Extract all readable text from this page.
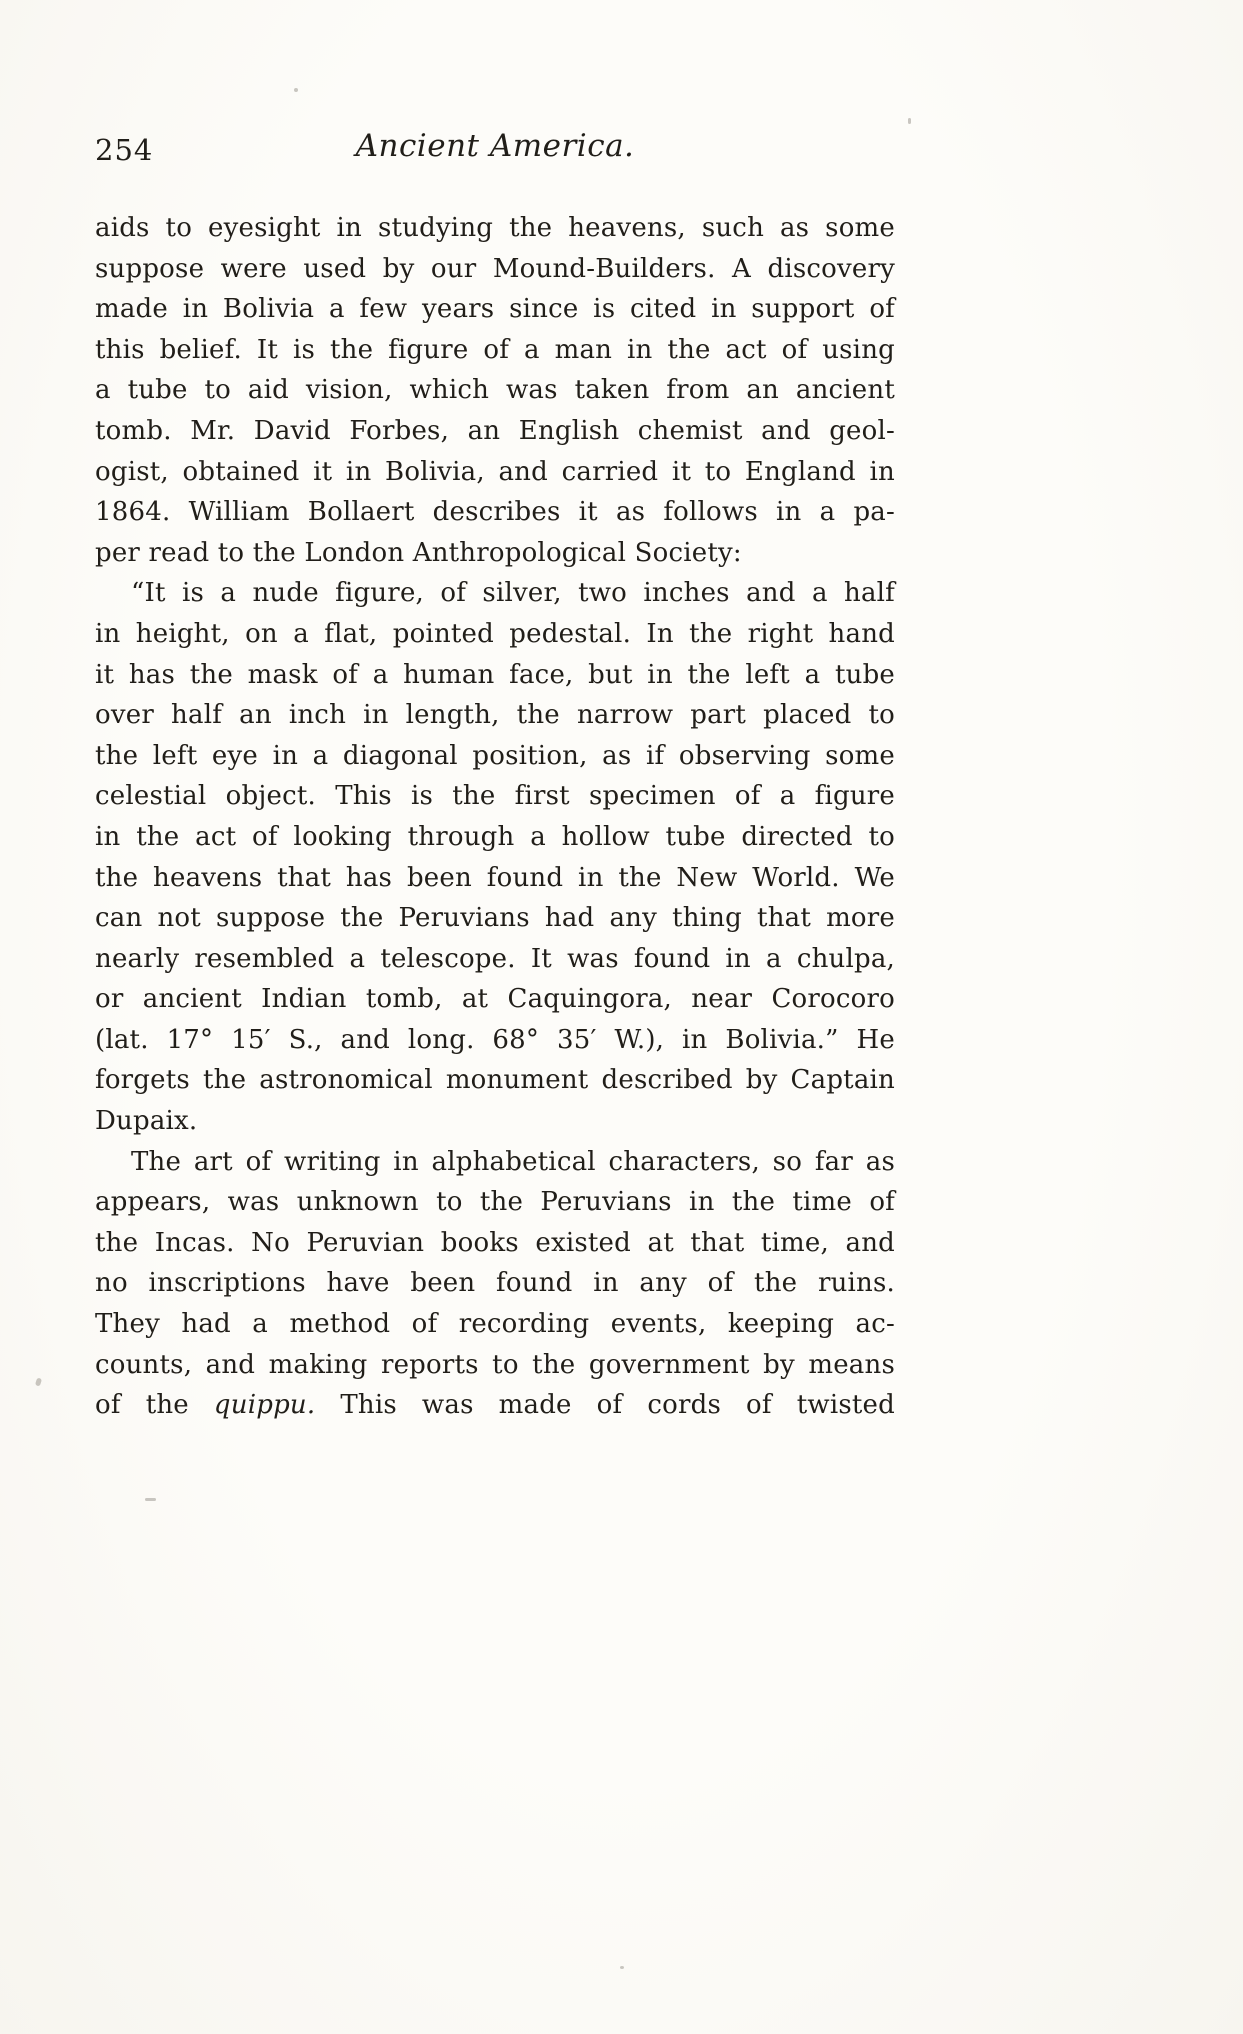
254	Ancient America.
aids to eyesight in studying the heavens, such as some
suppose were used by our Mound-Builders. A discovery
made in Bolivia a few years since is cited in support of
this belief. It is the figure of a man in the act of using
a tube to aid vision, which was taken from an ancient
tomb. Mr. David Forbes, an English chemist and geol-
ogist, obtained it in Bolivia, and carried it to England in
1864. William Bollaert describes it as follows in a pa-
per read to the London Anthropological Society:
“It is a nude figure, of silver, two inches and a half
in height, on a flat, pointed pedestal. In the right hand
it has the mask of a human face, but in the left a tube
over half an inch in length, the narrow part placed to
the left eye in a diagonal position, as if observing some
celestial object. This is the first specimen of a figure
in the act of looking through a hollow tube directed to
the heavens that has been found in the New World. We
can not suppose the Peruvians had any thing that more
nearly resembled a telescope. It was found in a chulpa,
or ancient Indian tomb, at Caquingora, near Corocoro
(lat. 17° 15′ S., and long. 68° 35′ W.), in Bolivia.” He
forgets the astronomical monument described by Captain
Dupaix.
The art of writing in alphabetical characters, so far as
appears, was unknown to the Peruvians in the time of
the Incas. No Peruvian books existed at that time, and
no inscriptions have been found in any of the ruins.
They had a method of recording events, keeping ac-
counts, and making reports to the government by means
of the quippu. This was made of cords of twisted
